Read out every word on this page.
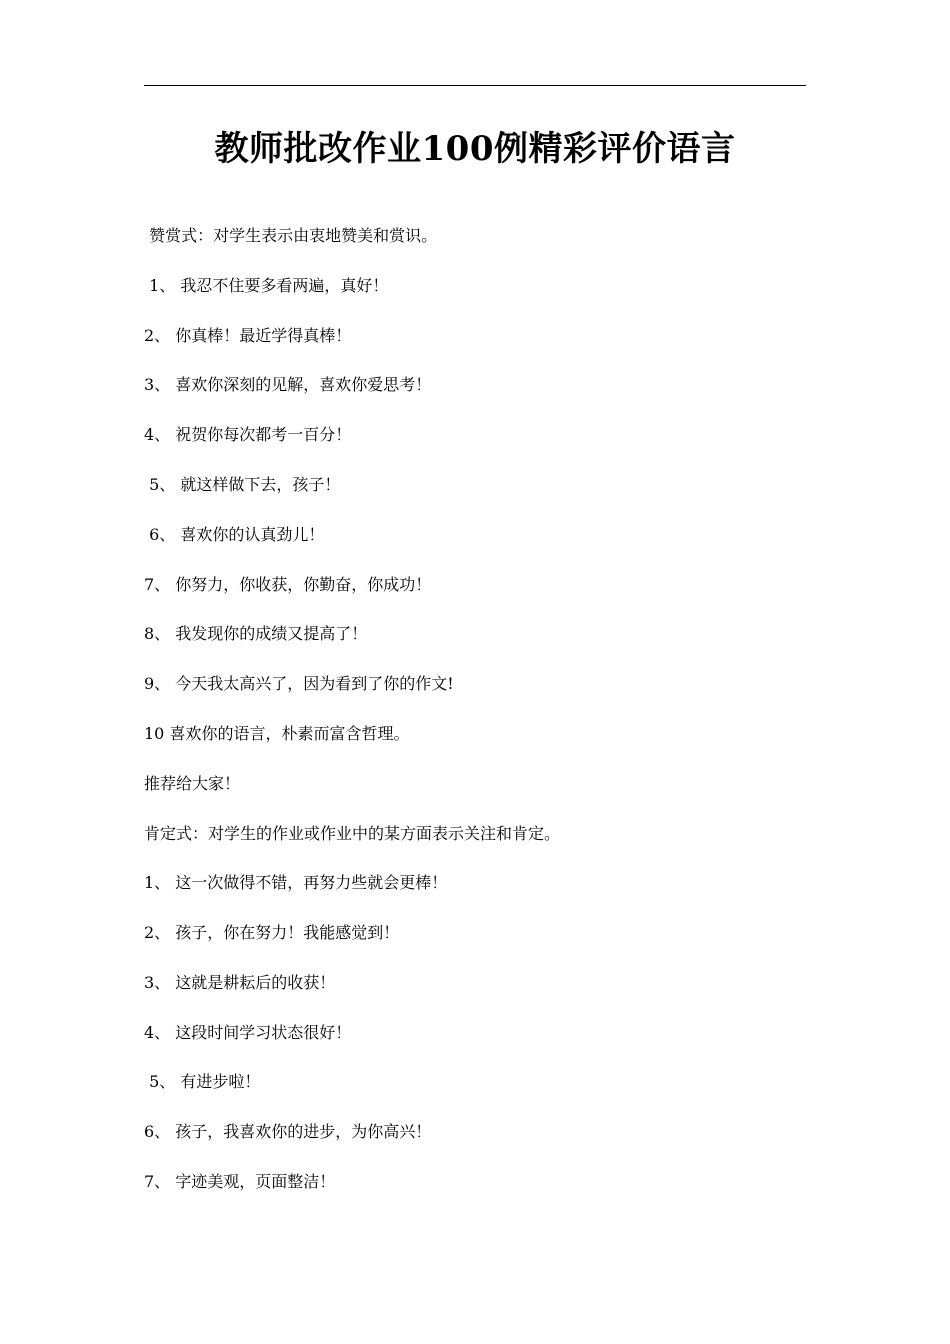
教师批改作业100例精彩评价语言

赞赏式：对学生表示由衷地赞美和赏识。

1、 我忍不住要多看两遍，真好！

2、 你真棒！最近学得真棒！

3、 喜欢你深刻的见解，喜欢你爱思考！

4、 祝贺你每次都考一百分！

5、 就这样做下去，孩子！

6、 喜欢你的认真劲儿！

7、 你努力，你收获，你勤奋，你成功！

8、 我发现你的成绩又提高了！

9、 今天我太高兴了，因为看到了你的作文!

10 喜欢你的语言，朴素而富含哲理。

推荐给大家！

肯定式：对学生的作业或作业中的某方面表示关注和肯定。

1、 这一次做得不错，再努力些就会更棒！

2、 孩子，你在努力！我能感觉到！

3、 这就是耕耘后的收获！

4、 这段时间学习状态很好！

5、 有进步啦！

6、 孩子，我喜欢你的进步，为你高兴！

7、 字迹美观，页面整洁！
